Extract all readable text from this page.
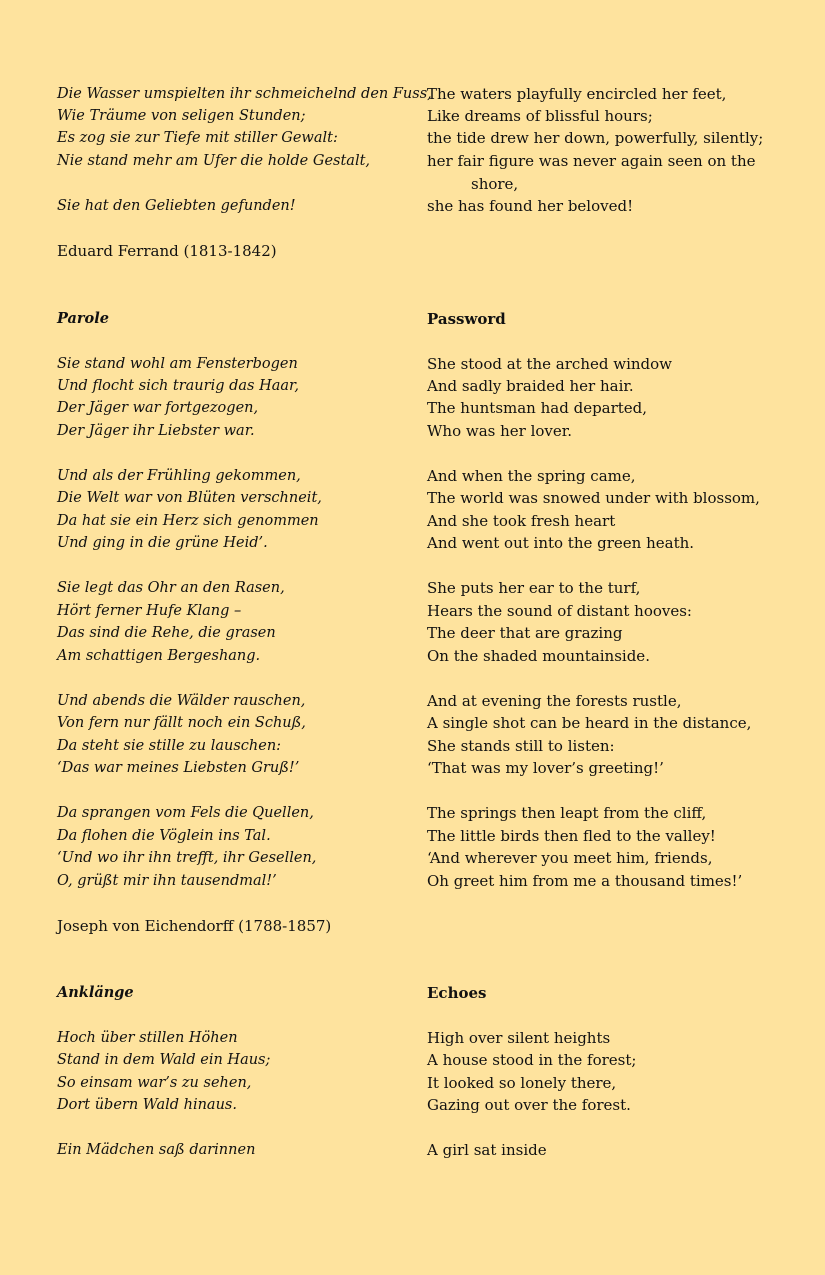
Die Wasser umspielten ihr schmeichelnd den Fuss,
Wie Träume von seligen Stunden;
Es zog sie zur Tiefe mit stiller Gewalt:
Nie stand mehr am Ufer die holde Gestalt,
Sie hat den Geliebten gefunden!
The waters playfully encircled her feet,
Like dreams of blissful hours;
the tide drew her down, powerfully, silently;
her fair figure was never again seen on the
shore,
she has found her beloved!
Eduard Ferrand (1813-1842)
Parole	Password
Sie stand wohl am Fensterbogen
Und flocht sich traurig das Haar,
Der Jäger war fortgezogen,
Der Jäger ihr Liebster war.
Und als der Frühling gekommen,
Die Welt war von Blüten verschneit,
Da hat sie ein Herz sich genommen
Und ging in die grüne Heid’.
Sie legt das Ohr an den Rasen,
Hört ferner Hufe Klang –
Das sind die Rehe, die grasen
Am schattigen Bergeshang.
Und abends die Wälder rauschen,
Von fern nur fällt noch ein Schuß,
Da steht sie stille zu lauschen:
‘Das war meines Liebsten Gruß!’
Da sprangen vom Fels die Quellen,
Da flohen die Vöglein ins Tal.
‘Und wo ihr ihn trefft, ihr Gesellen,
O, grüßt mir ihn tausendmal!’
She stood at the arched window
And sadly braided her hair.
The huntsman had departed,
Who was her lover.
And when the spring came,
The world was snowed under with blossom,
And she took fresh heart
And went out into the green heath.
She puts her ear to the turf,
Hears the sound of distant hooves:
The deer that are grazing
On the shaded mountainside.
And at evening the forests rustle,
A single shot can be heard in the distance,
She stands still to listen:
‘That was my lover’s greeting!’
The springs then leapt from the cliff,
The little birds then fled to the valley!
‘And wherever you meet him, friends,
Oh greet him from me a thousand times!’
Joseph von Eichendorff (1788-1857)
Anklänge	Echoes
Hoch über stillen Höhen
Stand in dem Wald ein Haus;
So einsam war’s zu sehen,
Dort übern Wald hinaus.
Ein Mädchen saß darinnen
High over silent heights
A house stood in the forest;
It looked so lonely there,
Gazing out over the forest.
A girl sat inside
